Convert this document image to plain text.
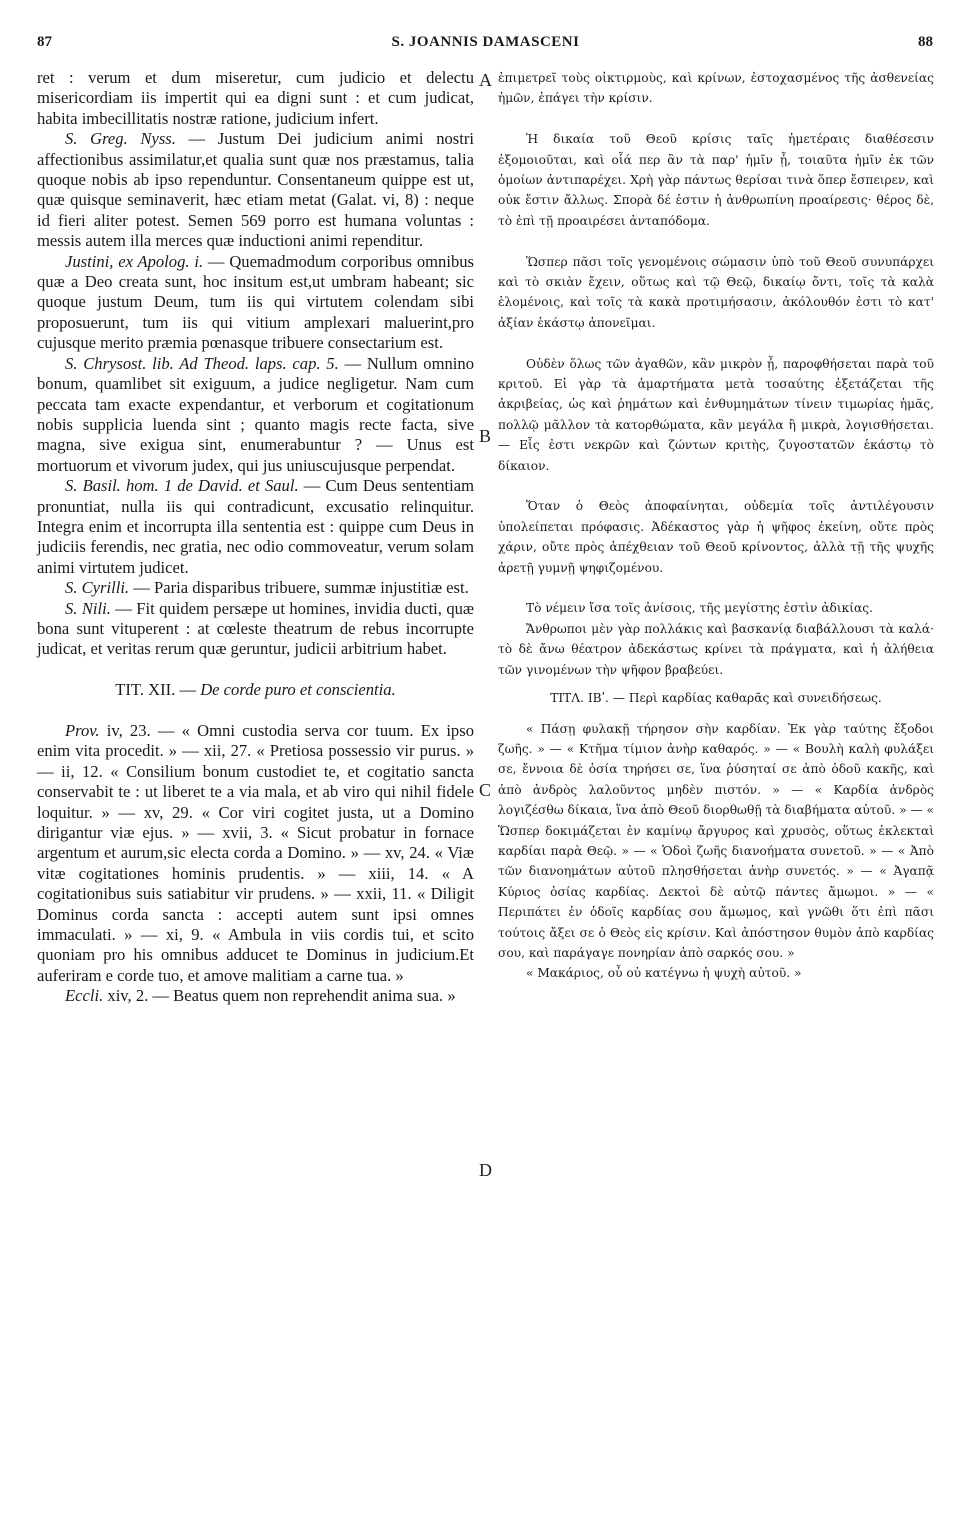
87	S. JOANNIS DAMASCENI	88
A
B
C
D

ret : verum et dum miseretur, cum judicio et delectu misericordiam iis impertit qui ea digni sunt : et cum judicat, habita imbecillitatis nostræ ratione, judicium infert.

S. Greg. Nyss. — Justum Dei judicium animi nostri affectionibus assimilatur,et qualia sunt quæ nos præstamus, talia quoque nobis ab ipso rependuntur. Consentaneum quippe est ut, quæ quisque seminaverit, hæc etiam metat (Galat. vi, 8) : neque id fieri aliter potest. Semen 569 porro est humana voluntas : messis autem illa merces quæ inductioni animi rependitur.

Justini, ex Apolog. i. — Quemadmodum corporibus omnibus quæ a Deo creata sunt, hoc insitum est,ut umbram habeant; sic quoque justum Deum, tum iis qui virtutem colendam sibi proposuerunt, tum iis qui vitium amplexari maluerint,pro cujusque merito præmia pœnasque tribuere consectarium est.

S. Chrysost. lib. Ad Theod. laps. cap. 5. — Nullum omnino bonum, quamlibet sit exiguum, a judice negligetur. Nam cum peccata tam exacte expendantur, et verborum et cogitationum nobis supplicia luenda sint ; quanto magis recte facta, sive magna, sive exigua sint, enumerabuntur ? — Unus est mortuorum et vivorum judex, qui jus uniuscujusque perpendat.

S. Basil. hom. 1 de David. et Saul. — Cum Deus sententiam pronuntiat, nulla iis qui contradicunt, excusatio relinquitur. Integra enim et incorrupta illa sententia est : quippe cum Deus in judiciis ferendis, nec gratia, nec odio commoveatur, verum solam animi virtutem judicet.

S. Cyrilli. — Paria disparibus tribuere, summæ injustitiæ est.

S. Nili. — Fit quidem persæpe ut homines, invidia ducti, quæ bona sunt vituperent : at cœleste theatrum de rebus incorrupte judicat, et veritas rerum quæ geruntur, judicii arbitrium habet.

TIT. XII. — De corde puro et conscientia.

Prov. iv, 23. — « Omni custodia serva cor tuum. Ex ipso enim vita procedit. » — xii, 27. « Pretiosa possessio vir purus. » — ii, 12. « Consilium bonum custodiet te, et cogitatio sancta conservabit te : ut liberet te a via mala, et ab viro qui nihil fidele loquitur. » — xv, 29. « Cor viri cogitet justa, ut a Domino dirigantur viæ ejus. » — xvii, 3. « Sicut probatur in fornace argentum et aurum,sic electa corda a Domino. » — xv, 24. « Viæ vitæ cogitationes hominis prudentis. » — xiii, 14. « A cogitationibus suis satiabitur vir prudens. » — xxii, 11. « Diligit Dominus corda sancta : accepti autem sunt ipsi omnes immaculati. » — xi, 9. « Ambula in viis cordis tui, et scito quoniam pro his omnibus adducet te Dominus in judicium.Et auferiram e corde tuo, et amove malitiam a carne tua. »

Eccli. xiv, 2. — Beatus quem non reprehendit anima sua. »

ἐπιμετρεῖ τοὺς οἰκτιρμοὺς, καὶ κρίνων, ἐστοχασμένος τῆς ἀσθενείας ἡμῶν, ἐπάγει τὴν κρίσιν.

Ἡ δικαία τοῦ Θεοῦ κρίσις ταῖς ἡμετέραις διαθέσεσιν ἐξομοιοῦται, καὶ οἷά περ ἂν τὰ παρ' ἡμῖν ᾖ, τοιαῦτα ἡμῖν ἐκ τῶν ὁμοίων ἀντιπαρέχει. Χρὴ γὰρ πάντως θερίσαι τινὰ ὅπερ ἔσπειρεν, καὶ οὐκ ἔστιν ἄλλως. Σπορὰ δέ ἐστιν ἡ ἀνθρωπίνη προαίρεσις· θέρος δὲ, τὸ ἐπὶ τῇ προαιρέσει ἀνταπόδομα.

Ὥσπερ πᾶσι τοῖς γενομένοις σώμασιν ὑπὸ τοῦ Θεοῦ συνυπάρχει καὶ τὸ σκιὰν ἔχειν, οὕτως καὶ τῷ Θεῷ, δικαίῳ ὄντι, τοῖς τὰ καλὰ ἑλομένοις, καὶ τοῖς τὰ κακὰ προτιμήσασιν, ἀκόλουθόν ἐστι τὸ κατ' ἀξίαν ἑκάστῳ ἀπονεῖμαι.

Οὐδὲν ὅλως τῶν ἀγαθῶν, κἂν μικρὸν ᾖ, παροφθήσεται παρὰ τοῦ κριτοῦ. Εἰ γὰρ τὰ ἁμαρτήματα μετὰ τοσαύτης ἐξετάζεται τῆς ἀκριβείας, ὡς καὶ ῥημάτων καὶ ἐνθυμημάτων τίνειν τιμωρίας ἡμᾶς, πολλῷ μᾶλλον τὰ κατορθώματα, κἂν μεγάλα ἢ μικρὰ, λογισθήσεται. — Εἷς ἐστι νεκρῶν καὶ ζώντων κριτὴς, ζυγοστατῶν ἑκάστῳ τὸ δίκαιον.

Ὅταν ὁ Θεὸς ἀποφαίνηται, οὐδεμία τοῖς ἀντιλέγουσιν ὑπολείπεται πρόφασις. Ἀδέκαστος γὰρ ἡ ψῆφος ἐκείνη, οὔτε πρὸς χάριν, οὔτε πρὸς ἀπέχθειαν τοῦ Θεοῦ κρίνοντος, ἀλλὰ τῇ τῆς ψυχῆς ἀρετῇ γυμνῇ ψηφιζομένου.

Τὸ νέμειν ἴσα τοῖς ἀνίσοις, τῆς μεγίστης ἐστὶν ἀδικίας.

Ἄνθρωποι μὲν γὰρ πολλάκις καὶ βασκανίᾳ διαβάλλουσι τὰ καλά· τὸ δὲ ἄνω θέατρον ἀδεκάστως κρίνει τὰ πράγματα, καὶ ἡ ἀλήθεια τῶν γινομένων τὴν ψῆφον βραβεύει.

ΤΙΤΛ. ΙΒʹ. — Περὶ καρδίας καθαρᾶς καὶ συνειδήσεως.

« Πάσῃ φυλακῇ τήρησον σὴν καρδίαν. Ἐκ γὰρ ταύτης ἔξοδοι ζωῆς. » — « Κτῆμα τίμιον ἀνὴρ καθαρός. » — « Βουλὴ καλὴ φυλάξει σε, ἔννοια δὲ ὁσία τηρήσει σε, ἵνα ῥύσηταί σε ἀπὸ ὁδοῦ κακῆς, καὶ ἀπὸ ἀνδρὸς λαλοῦντος μηδὲν πιστόν. » — « Καρδία ἀνδρὸς λογιζέσθω δίκαια, ἵνα ἀπὸ Θεοῦ διορθωθῇ τὰ διαβήματα αὐτοῦ. » — « Ὥσπερ δοκιμάζεται ἐν καμίνῳ ἄργυρος καὶ χρυσὸς, οὕτως ἐκλεκταὶ καρδίαι παρὰ Θεῷ. » — « Ὁδοὶ ζωῆς διανοήματα συνετοῦ. » — « Ἀπὸ τῶν διανοημάτων αὐτοῦ πλησθήσεται ἀνὴρ συνετός. » — « Ἀγαπᾷ Κύριος ὁσίας καρδίας. Δεκτοὶ δὲ αὐτῷ πάντες ἄμωμοι. » — « Περιπάτει ἐν ὁδοῖς καρδίας σου ἄμωμος, καὶ γνῶθι ὅτι ἐπὶ πᾶσι τούτοις ἄξει σε ὁ Θεὸς εἰς κρίσιν. Καὶ ἀπόστησον θυμὸν ἀπὸ καρδίας σου, καὶ παράγαγε πονηρίαν ἀπὸ σαρκός σου. »

« Μακάριος, οὗ οὐ κατέγνω ἡ ψυχὴ αὐτοῦ. »
